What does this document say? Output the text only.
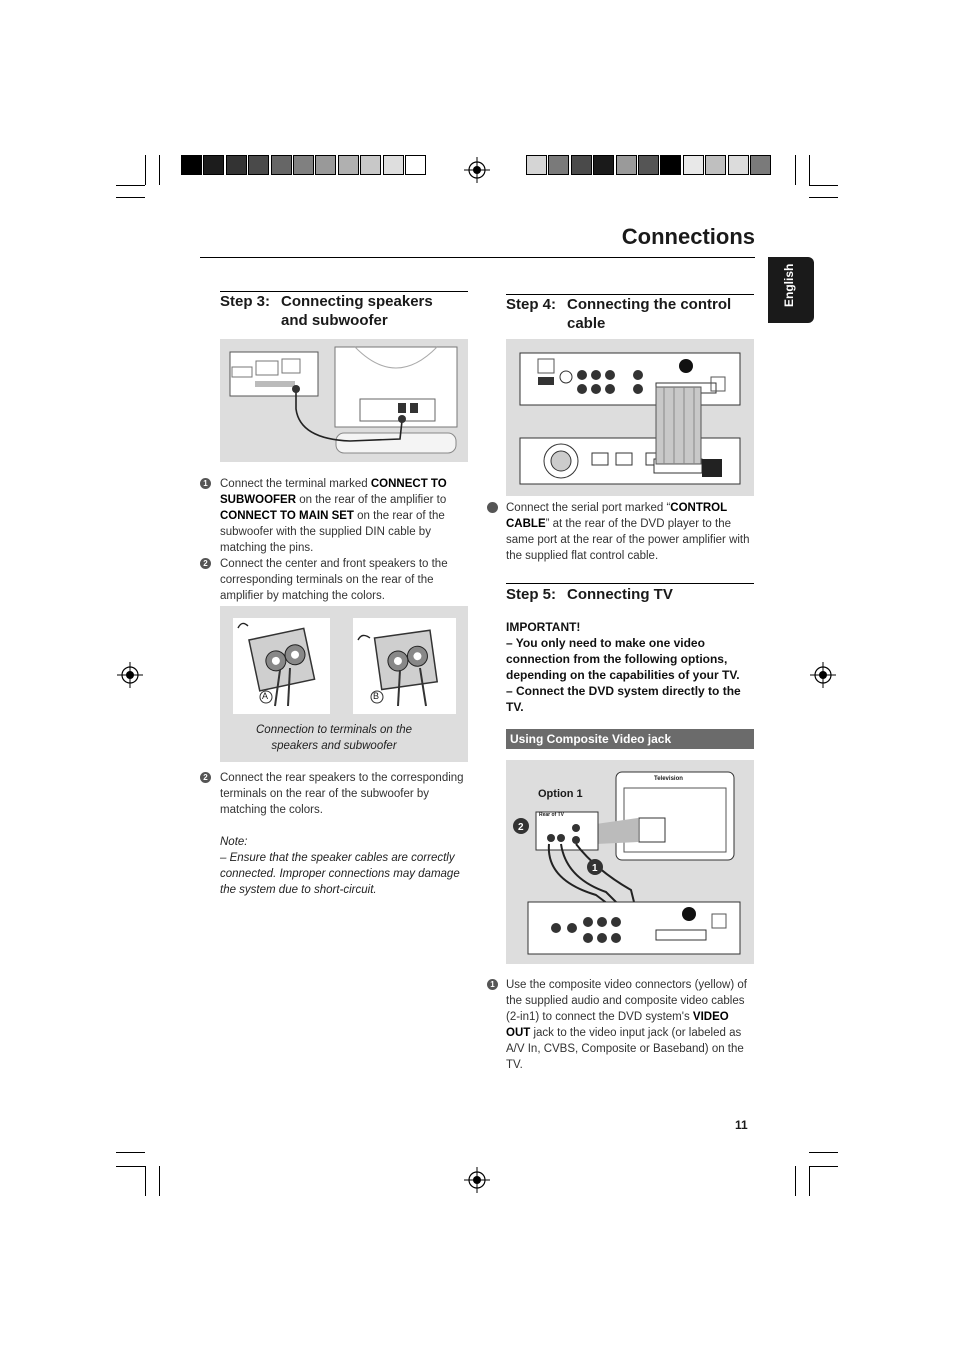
Connections
English
Step 3: Connecting speakers and subwoofer
1 Connect the terminal marked CONNECT TO SUBWOOFER on the rear of the amplifier to CONNECT TO MAIN SET on the rear of the subwoofer with the supplied DIN cable by matching the pins.
2 Connect the center and front speakers to the corresponding terminals on the rear of the amplifier by matching the colors.
A	B
Connection to terminals on the speakers and subwoofer
2 Connect the rear speakers to the corresponding terminals on the rear of the subwoofer by matching the colors.
Note:
– Ensure that the speaker cables are correctly connected. Improper connections may damage the system due to short-circuit.
Step 4: Connecting the control cable
Connect the serial port marked “CONTROL CABLE” at the rear of the DVD player to the same port at the rear of the power amplifier with the supplied flat control cable.
Step 5: Connecting TV
IMPORTANT!
– You only need to make one video connection from the following options, depending on the capabilities of your TV.
– Connect the DVD system directly to the TV.
Using Composite Video jack
2
1
Option 1
Television
Rear of TV
1 Use the composite video connectors (yellow) of the supplied audio and composite video cables (2-in1) to connect the DVD system's VIDEO OUT jack to the video input jack (or labeled as A/V In, CVBS, Composite or Baseband) on the TV.
11
